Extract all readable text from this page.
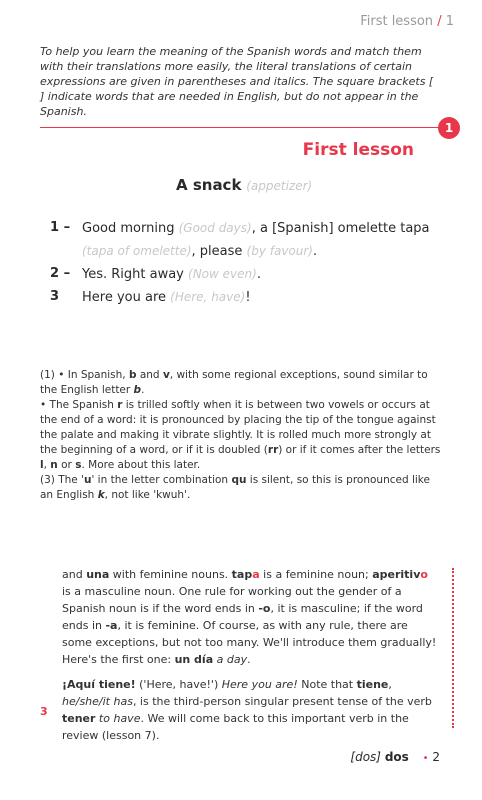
First lesson / 1
To help you learn the meaning of the Spanish words and match them with their translations more easily, the literal translations of certain expressions are given in parentheses and italics. The square brackets [ ] indicate words that are needed in English, but do not appear in the Spanish.
1
First lesson
A snack (appetizer)
1 – Good morning (Good days), a [Spanish] omelette tapa
(tapa of omelette), please (by favour).
2 – Yes. Right away (Now even).
3	Here you are (Here, have)!

(1) • In Spanish, b and v, with some regional exceptions, sound similar to the English letter b.

• The Spanish r is trilled softly when it is between two vowels or occurs at the end of a word: it is pronounced by placing the tip of the tongue against the palate and making it vibrate slightly. It is rolled much more strongly at the beginning of a word, or if it is doubled (rr) or if it comes after the letters l, n or s. More about this later.

(3) The 'u' in the letter combination qu is silent, so this is pronounced like an English k, not like 'kwuh'.

and una with feminine nouns. tapa is a feminine noun; aperitivo is a masculine noun. One rule for working out the gender of a Spanish noun is if the word ends in -o, it is masculine; if the word ends in -a, it is feminine. Of course, as with any rule, there are some exceptions, but not too many. We'll introduce them gradually! Here's the first one: un día a day.

¡Aquí tiene! ('Here, have!') Here you are! Note that tiene, he/she/it has, is the third-person singular present tense of the verb tener to have. We will come back to this important verb in the review (lesson 7).

3
[dos] dos • 2
